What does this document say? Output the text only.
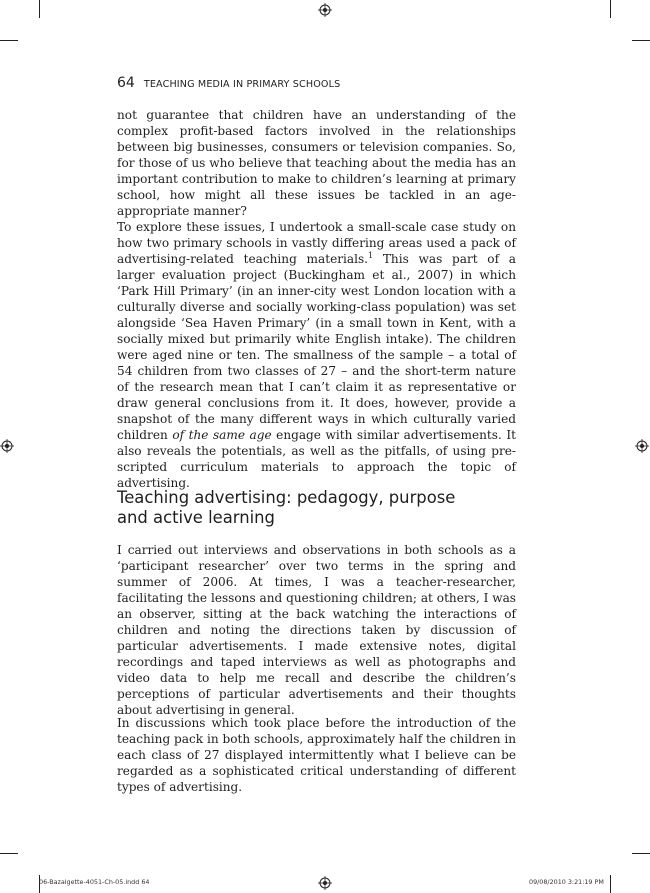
64 TEACHING MEDIA IN PRIMARY SCHOOLS

not guarantee that children have an understanding of the complex profit-based factors involved in the relationships between big businesses, consumers or television companies. So, for those of us who believe that teaching about the media has an important contribution to make to children’s learning at primary school, how might all these issues be tackled in an age-appropriate manner?

To explore these issues, I undertook a small-scale case study on how two primary schools in vastly differing areas used a pack of advertising-related teaching materials.$^1$ This was part of a larger evaluation project (Buckingham et al., 2007) in which ‘Park Hill Primary’ (in an inner-city west London location with a culturally diverse and socially working-class population) was set alongside ‘Sea Haven Primary’ (in a small town in Kent, with a socially mixed but primarily white English intake). The children were aged nine or ten. The smallness of the sample – a total of 54 children from two classes of 27 – and the short-term nature of the research mean that I can’t claim it as representative or draw general conclusions from it. It does, however, provide a snapshot of the many different ways in which culturally varied children of the same age engage with similar advertisements. It also reveals the potentials, as well as the pitfalls, of using pre-scripted curriculum materials to approach the topic of advertising.

Teaching advertising: pedagogy, purpose
and active learning

I carried out interviews and observations in both schools as a ‘participant researcher’ over two terms in the spring and summer of 2006. At times, I was a teacher-researcher, facilitating the lessons and questioning children; at others, I was an observer, sitting at the back watching the interactions of children and noting the directions taken by discussion of particular advertisements. I made extensive notes, digital recordings and taped interviews as well as photographs and video data to help me recall and describe the children’s perceptions of particular advertisements and their thoughts about advertising in general.

In discussions which took place before the introduction of the teaching pack in both schools, approximately half the children in each class of 27 displayed intermittently what I believe can be regarded as a sophisticated critical understanding of different types of advertising.

06-Bazalgette-4051-Ch-05.indd 64	09/08/2010 3:21:19 PM
